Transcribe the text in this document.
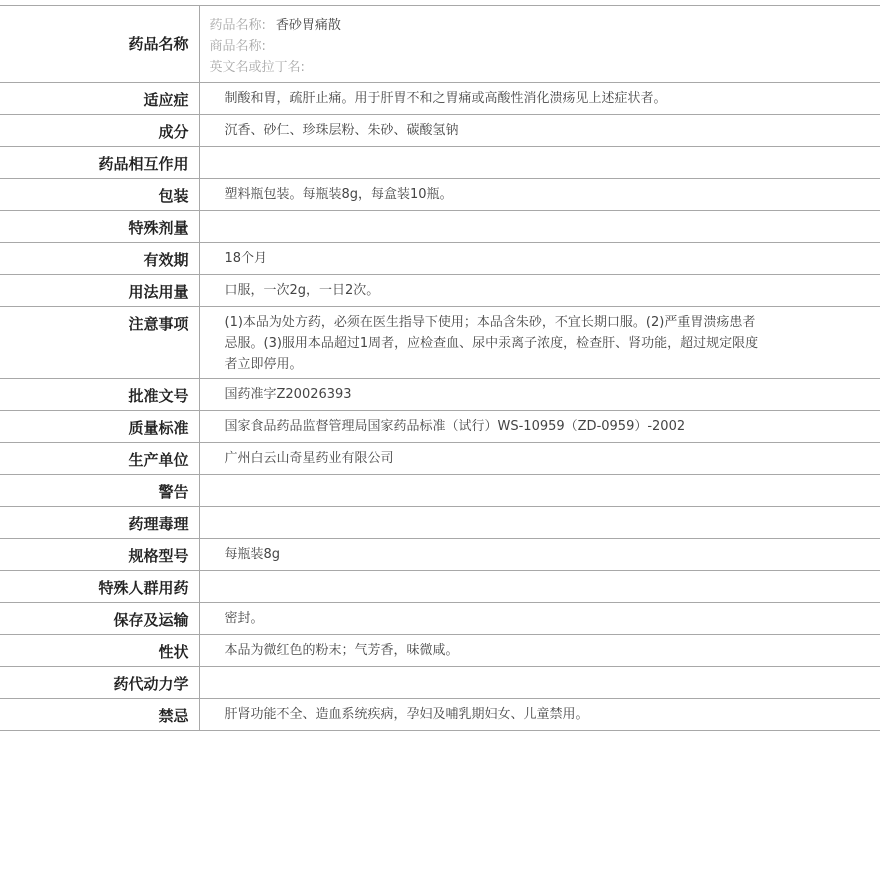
药品名称	药品名称: 香砂胃痛散
商品名称:
英文名或拉丁名:

适应症	制酸和胃，疏肝止痛。用于肝胃不和之胃痛或高酸性消化溃疡见上述症状者。
成分	沉香、砂仁、珍珠层粉、朱砂、碳酸氢钠
药品相互作用	
包装	塑料瓶包装。每瓶装8g，每盒装10瓶。
特殊剂量	
有效期	18个月
用法用量	口服，一次2g，一日2次。
注意事项	(1)本品为处方药，必须在医生指导下使用；本品含朱砂，不宜长期口服。(2)严重胃溃疡患者忌服。(3)服用本品超过1周者，应检查血、尿中汞离子浓度，检查肝、肾功能，超过规定限度者立即停用。
批准文号	国药准字Z20026393
质量标准	国家食品药品监督管理局国家药品标准（试行）WS-10959（ZD-0959）-2002
生产单位	广州白云山奇星药业有限公司
警告	
药理毒理	
规格型号	每瓶装8g
特殊人群用药	
保存及运输	密封。
性状	本品为微红色的粉末；气芳香，味微咸。
药代动力学	
禁忌	肝肾功能不全、造血系统疾病，孕妇及哺乳期妇女、儿童禁用。
